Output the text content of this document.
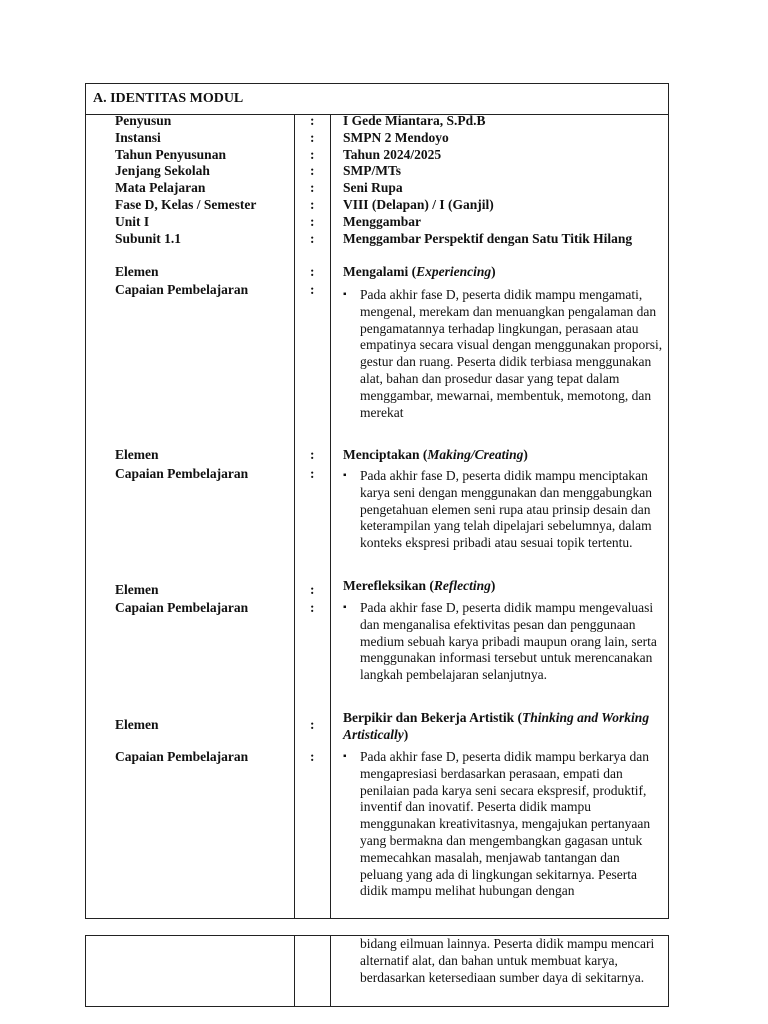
A. IDENTITAS MODUL
Penyusun	: I Gede Miantara, S.Pd.B
Instansi	: SMPN 2 Mendoyo
Tahun Penyusunan	: Tahun 2024/2025
Jenjang Sekolah	: SMP/MTs
Mata Pelajaran	: Seni Rupa
Fase D, Kelas / Semester	: VIII (Delapan) / I (Ganjil)
Unit I	: Menggambar
Subunit 1.1	: Menggambar Perspektif dengan Satu Titik Hilang
Elemen	: Mengalami (Experiencing)
Capaian Pembelajaran	:	▪ Pada akhir fase D, peserta didik mampu mengamati, mengenal, merekam dan menuangkan pengalaman dan pengamatannya terhadap lingkungan, perasaan atau empatinya secara visual dengan menggunakan proporsi, gestur dan ruang. Peserta didik terbiasa menggunakan alat, bahan dan prosedur dasar yang tepat dalam menggambar, mewarnai, membentuk, memotong, dan merekat
Elemen	: Menciptakan (Making/Creating)
Capaian Pembelajaran	:	▪ Pada akhir fase D, peserta didik mampu menciptakan karya seni dengan menggunakan dan menggabungkan pengetahuan elemen seni rupa atau prinsip desain dan keterampilan yang telah dipelajari sebelumnya, dalam konteks ekspresi pribadi atau sesuai topik tertentu.
Elemen	: Merefleksikan (Reflecting)
Capaian Pembelajaran	:	▪ Pada akhir fase D, peserta didik mampu mengevaluasi dan menganalisa efektivitas pesan dan penggunaan medium sebuah karya pribadi maupun orang lain, serta menggunakan informasi tersebut untuk merencanakan langkah pembelajaran selanjutnya.
Elemen	: Berpikir dan Bekerja Artistik (Thinking and Working Artistically)
Capaian Pembelajaran	:	▪ Pada akhir fase D, peserta didik mampu berkarya dan mengapresiasi berdasarkan perasaan, empati dan penilaian pada karya seni secara ekspresif, produktif, inventif dan inovatif. Peserta didik mampu menggunakan kreativitasnya, mengajukan pertanyaan yang bermakna dan mengembangkan gagasan untuk memecahkan masalah, menjawab tantangan dan peluang yang ada di lingkungan sekitarnya. Peserta didik mampu melihat hubungan dengan
bidang eilmuan lainnya. Peserta didik mampu mencari alternatif alat, dan bahan untuk membuat karya, berdasarkan ketersediaan sumber daya di sekitarnya.
